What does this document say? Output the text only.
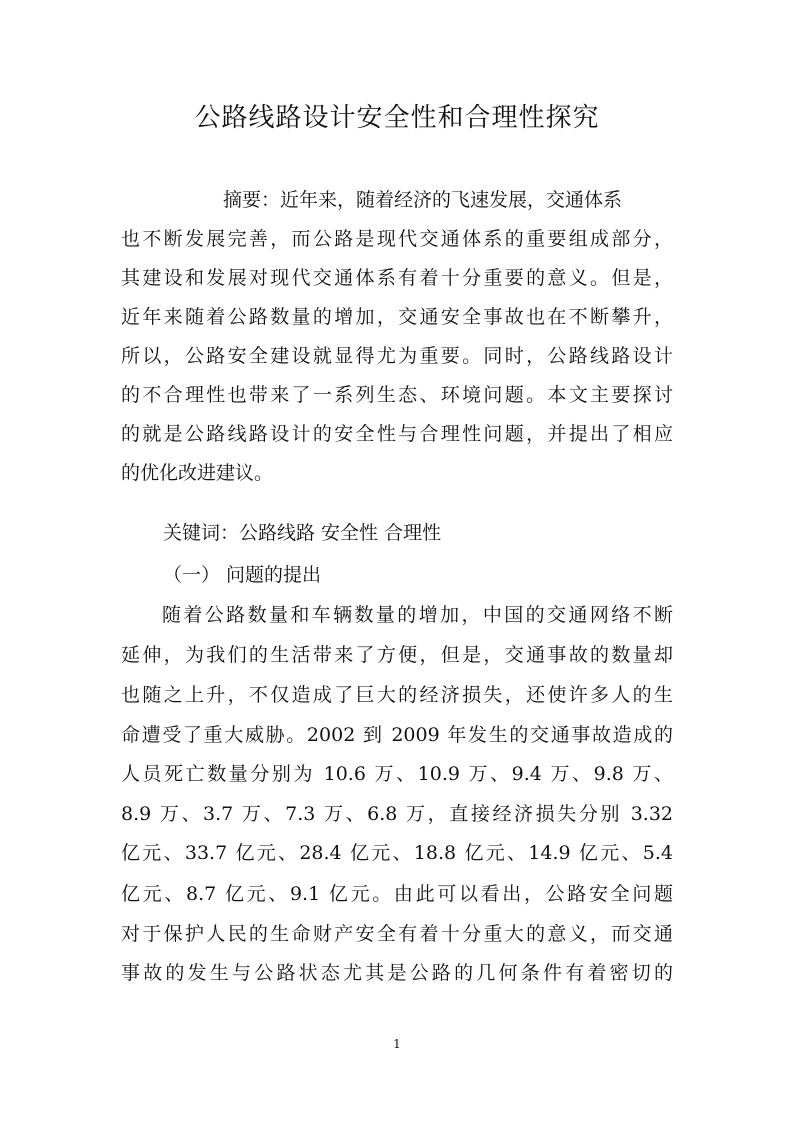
公路线路设计安全性和合理性探究
摘要：近年来，随着经济的飞速发展，交通体系
也不断发展完善，而公路是现代交通体系的重要组成部分，
其建设和发展对现代交通体系有着十分重要的意义。但是，
近年来随着公路数量的增加，交通安全事故也在不断攀升，
所以，公路安全建设就显得尤为重要。同时，公路线路设计
的不合理性也带来了一系列生态、环境问题。本文主要探讨
的就是公路线路设计的安全性与合理性问题，并提出了相应
的优化改进建议。
关键词：公路线路 安全性 合理性
（一） 问题的提出
随着公路数量和车辆数量的增加，中国的交通网络不断
延伸，为我们的生活带来了方便，但是，交通事故的数量却
也随之上升，不仅造成了巨大的经济损失，还使许多人的生
命遭受了重大威胁。2002 到 2009 年发生的交通事故造成的
人员死亡数量分别为 10.6 万、10.9 万、9.4 万、9.8 万、
8.9 万、3.7 万、7.3 万、6.8 万，直接经济损失分别 3.32
亿元、33.7 亿元、28.4 亿元、18.8 亿元、14.9 亿元、5.4
亿元、8.7 亿元、9.1 亿元。由此可以看出，公路安全问题
对于保护人民的生命财产安全有着十分重大的意义，而交通
事故的发生与公路状态尤其是公路的几何条件有着密切的
1
